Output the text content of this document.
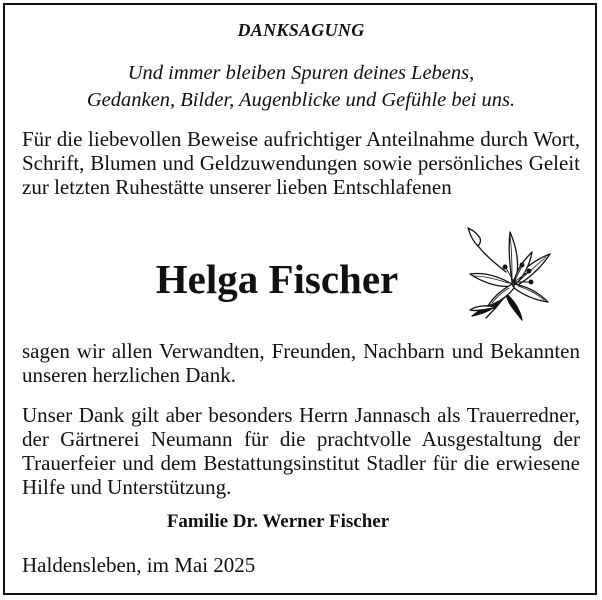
DANKSAGUNG

Und immer bleiben Spuren deines Lebens,
Gedanken, Bilder, Augenblicke und Gefühle bei uns.

Für die liebevollen Beweise aufrichtiger Anteilnahme durch Wort, Schrift, Blumen und Geldzuwendungen sowie persönliches Geleit zur letzten Ruhestätte unserer lieben Entschlafenen

Helga Fischer

sagen wir allen Verwandten, Freunden, Nachbarn und Bekannten unseren herzlichen Dank.

Unser Dank gilt aber besonders Herrn Jannasch als Trauerredner, der Gärtnerei Neumann für die prachtvolle Ausgestaltung der Trauerfeier und dem Bestattungsinstitut Stadler für die erwiesene Hilfe und Unterstützung.

Familie Dr. Werner Fischer

Haldensleben, im Mai 2025
